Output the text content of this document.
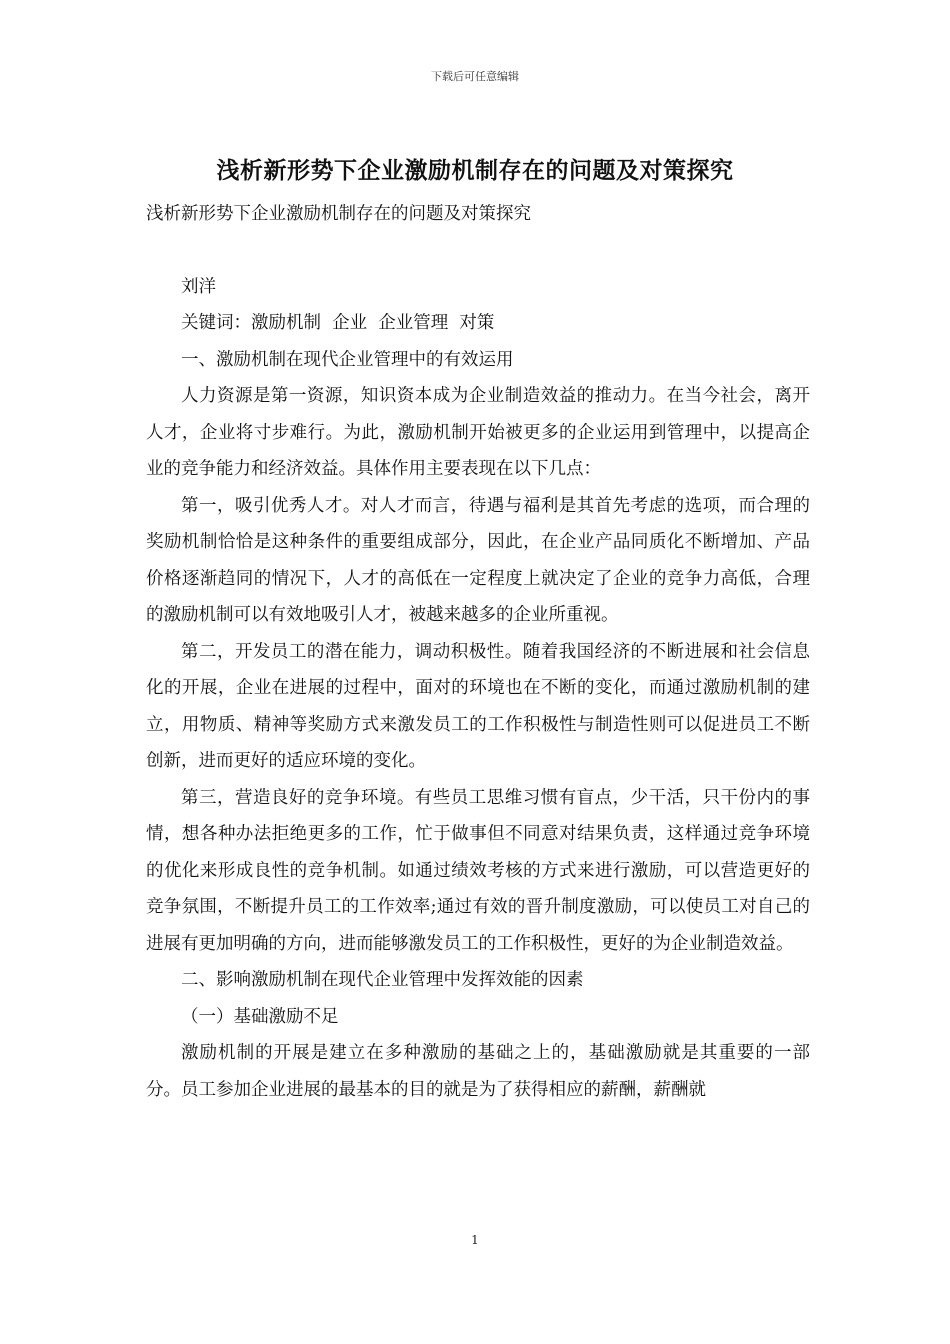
下载后可任意编辑
浅析新形势下企业激励机制存在的问题及对策探究

浅析新形势下企业激励机制存在的问题及对策探究

刘洋

关键词：激励机制  企业  企业管理  对策

一、激励机制在现代企业管理中的有效运用

人力资源是第一资源，知识资本成为企业制造效益的推动力。在当今社会，离开人才，企业将寸步难行。为此，激励机制开始被更多的企业运用到管理中，以提高企业的竞争能力和经济效益。具体作用主要表现在以下几点：

第一，吸引优秀人才。对人才而言，待遇与福利是其首先考虑的选项，而合理的奖励机制恰恰是这种条件的重要组成部分，因此，在企业产品同质化不断增加、产品价格逐渐趋同的情况下，人才的高低在一定程度上就决定了企业的竞争力高低，合理的激励机制可以有效地吸引人才，被越来越多的企业所重视。

第二，开发员工的潜在能力，调动积极性。随着我国经济的不断进展和社会信息化的开展，企业在进展的过程中，面对的环境也在不断的变化，而通过激励机制的建立，用物质、精神等奖励方式来激发员工的工作积极性与制造性则可以促进员工不断创新，进而更好的适应环境的变化。

第三，营造良好的竞争环境。有些员工思维习惯有盲点，少干活，只干份内的事情，想各种办法拒绝更多的工作，忙于做事但不同意对结果负责，这样通过竞争环境的优化来形成良性的竞争机制。如通过绩效考核的方式来进行激励，可以营造更好的竞争氛围，不断提升员工的工作效率;通过有效的晋升制度激励，可以使员工对自己的进展有更加明确的方向，进而能够激发员工的工作积极性，更好的为企业制造效益。

二、影响激励机制在现代企业管理中发挥效能的因素

（一）基础激励不足

激励机制的开展是建立在多种激励的基础之上的，基础激励就是其重要的一部分。员工参加企业进展的最基本的目的就是为了获得相应的薪酬，薪酬就

1
